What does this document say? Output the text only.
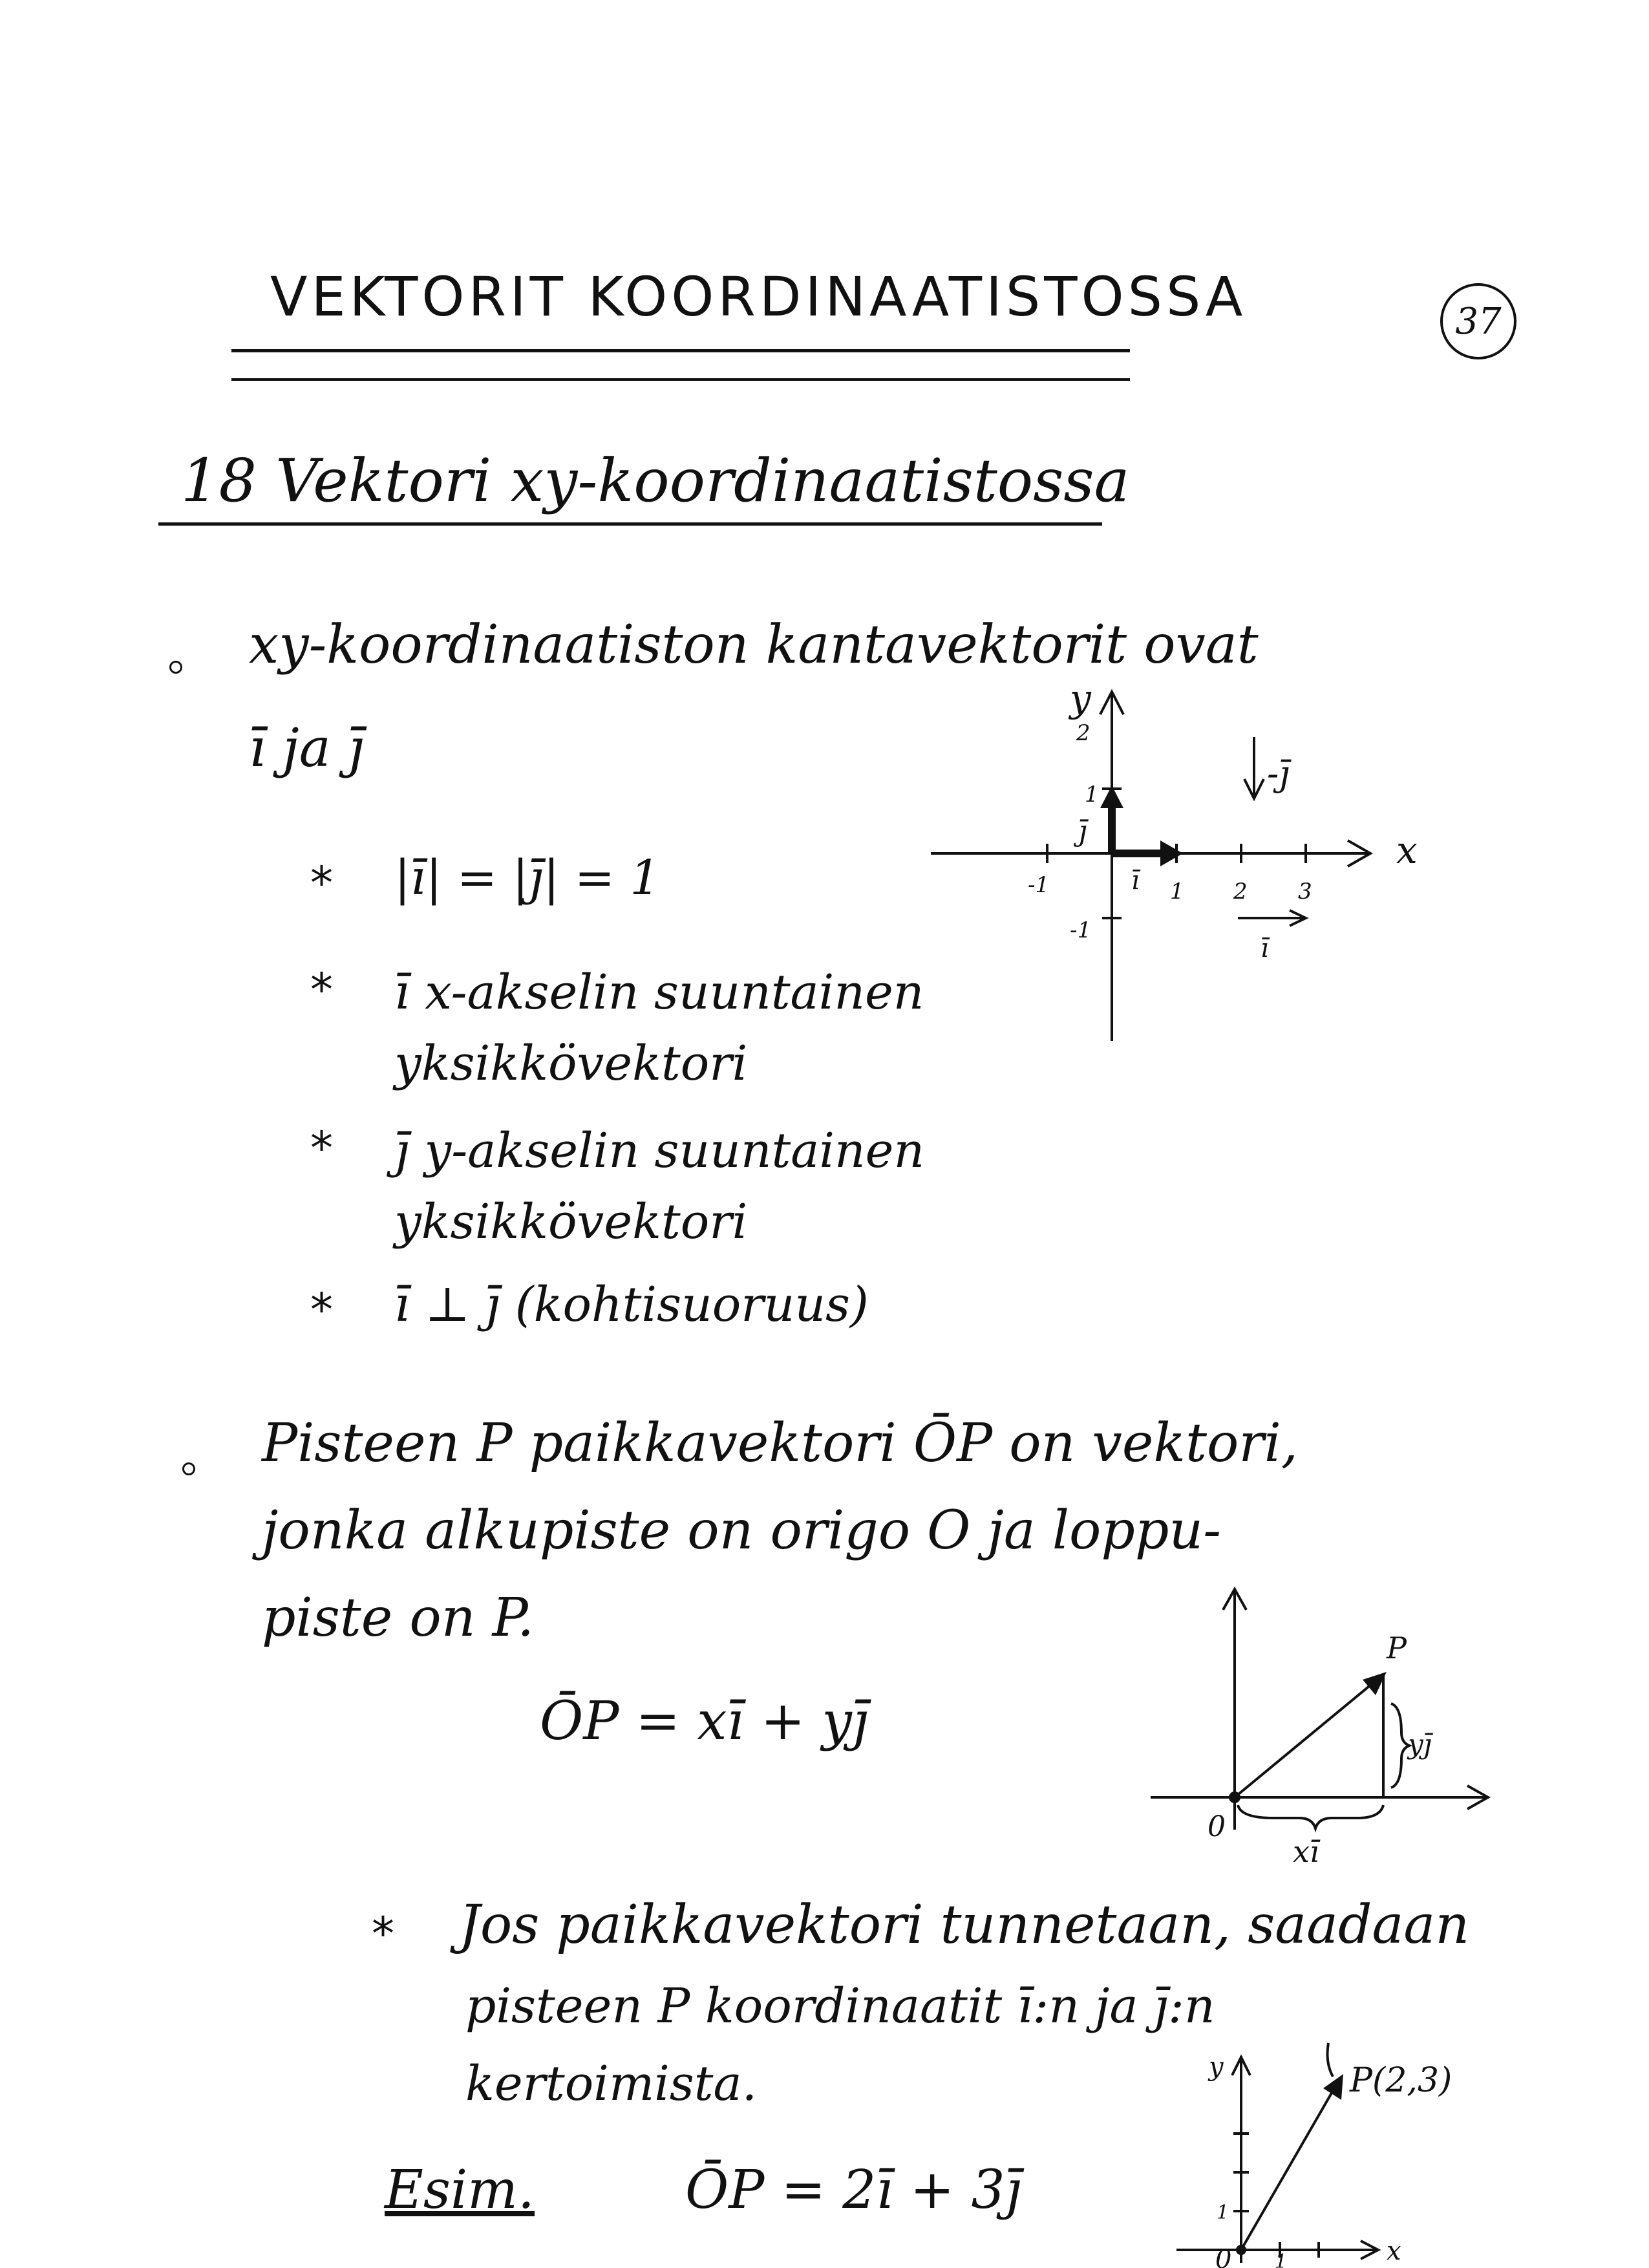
VEKTORIT KOORDINAATISTOSSA	37
18 Vektori xy-koordinaatistossa
xy-koordinaatiston kantavektorit ovat
ī ja j̄
* |ī| = |j̄| = 1
* ī x-akselin suuntainen yksikkövektori
* j̄ y-akselin suuntainen yksikkövektori
* ī ⊥ j̄ (kohtisuoruus)
x
y
2
1
-1
-1	1 2 3
ī
j̄
-j̄
ī
Pisteen P paikkavektori ŌP on vektori,
jonka alkupiste on origo O ja loppu-
piste on P.
ŌP = xī + yj̄
P
0
xī
yj̄
* Jos paikkavektori tunnetaan, saadaan
pisteen P koordinaatit ī:n ja j̄:n
kertoimista.
Esim.	ŌP = 2ī + 3j̄
P(2,3)
y
x
0 1
1
